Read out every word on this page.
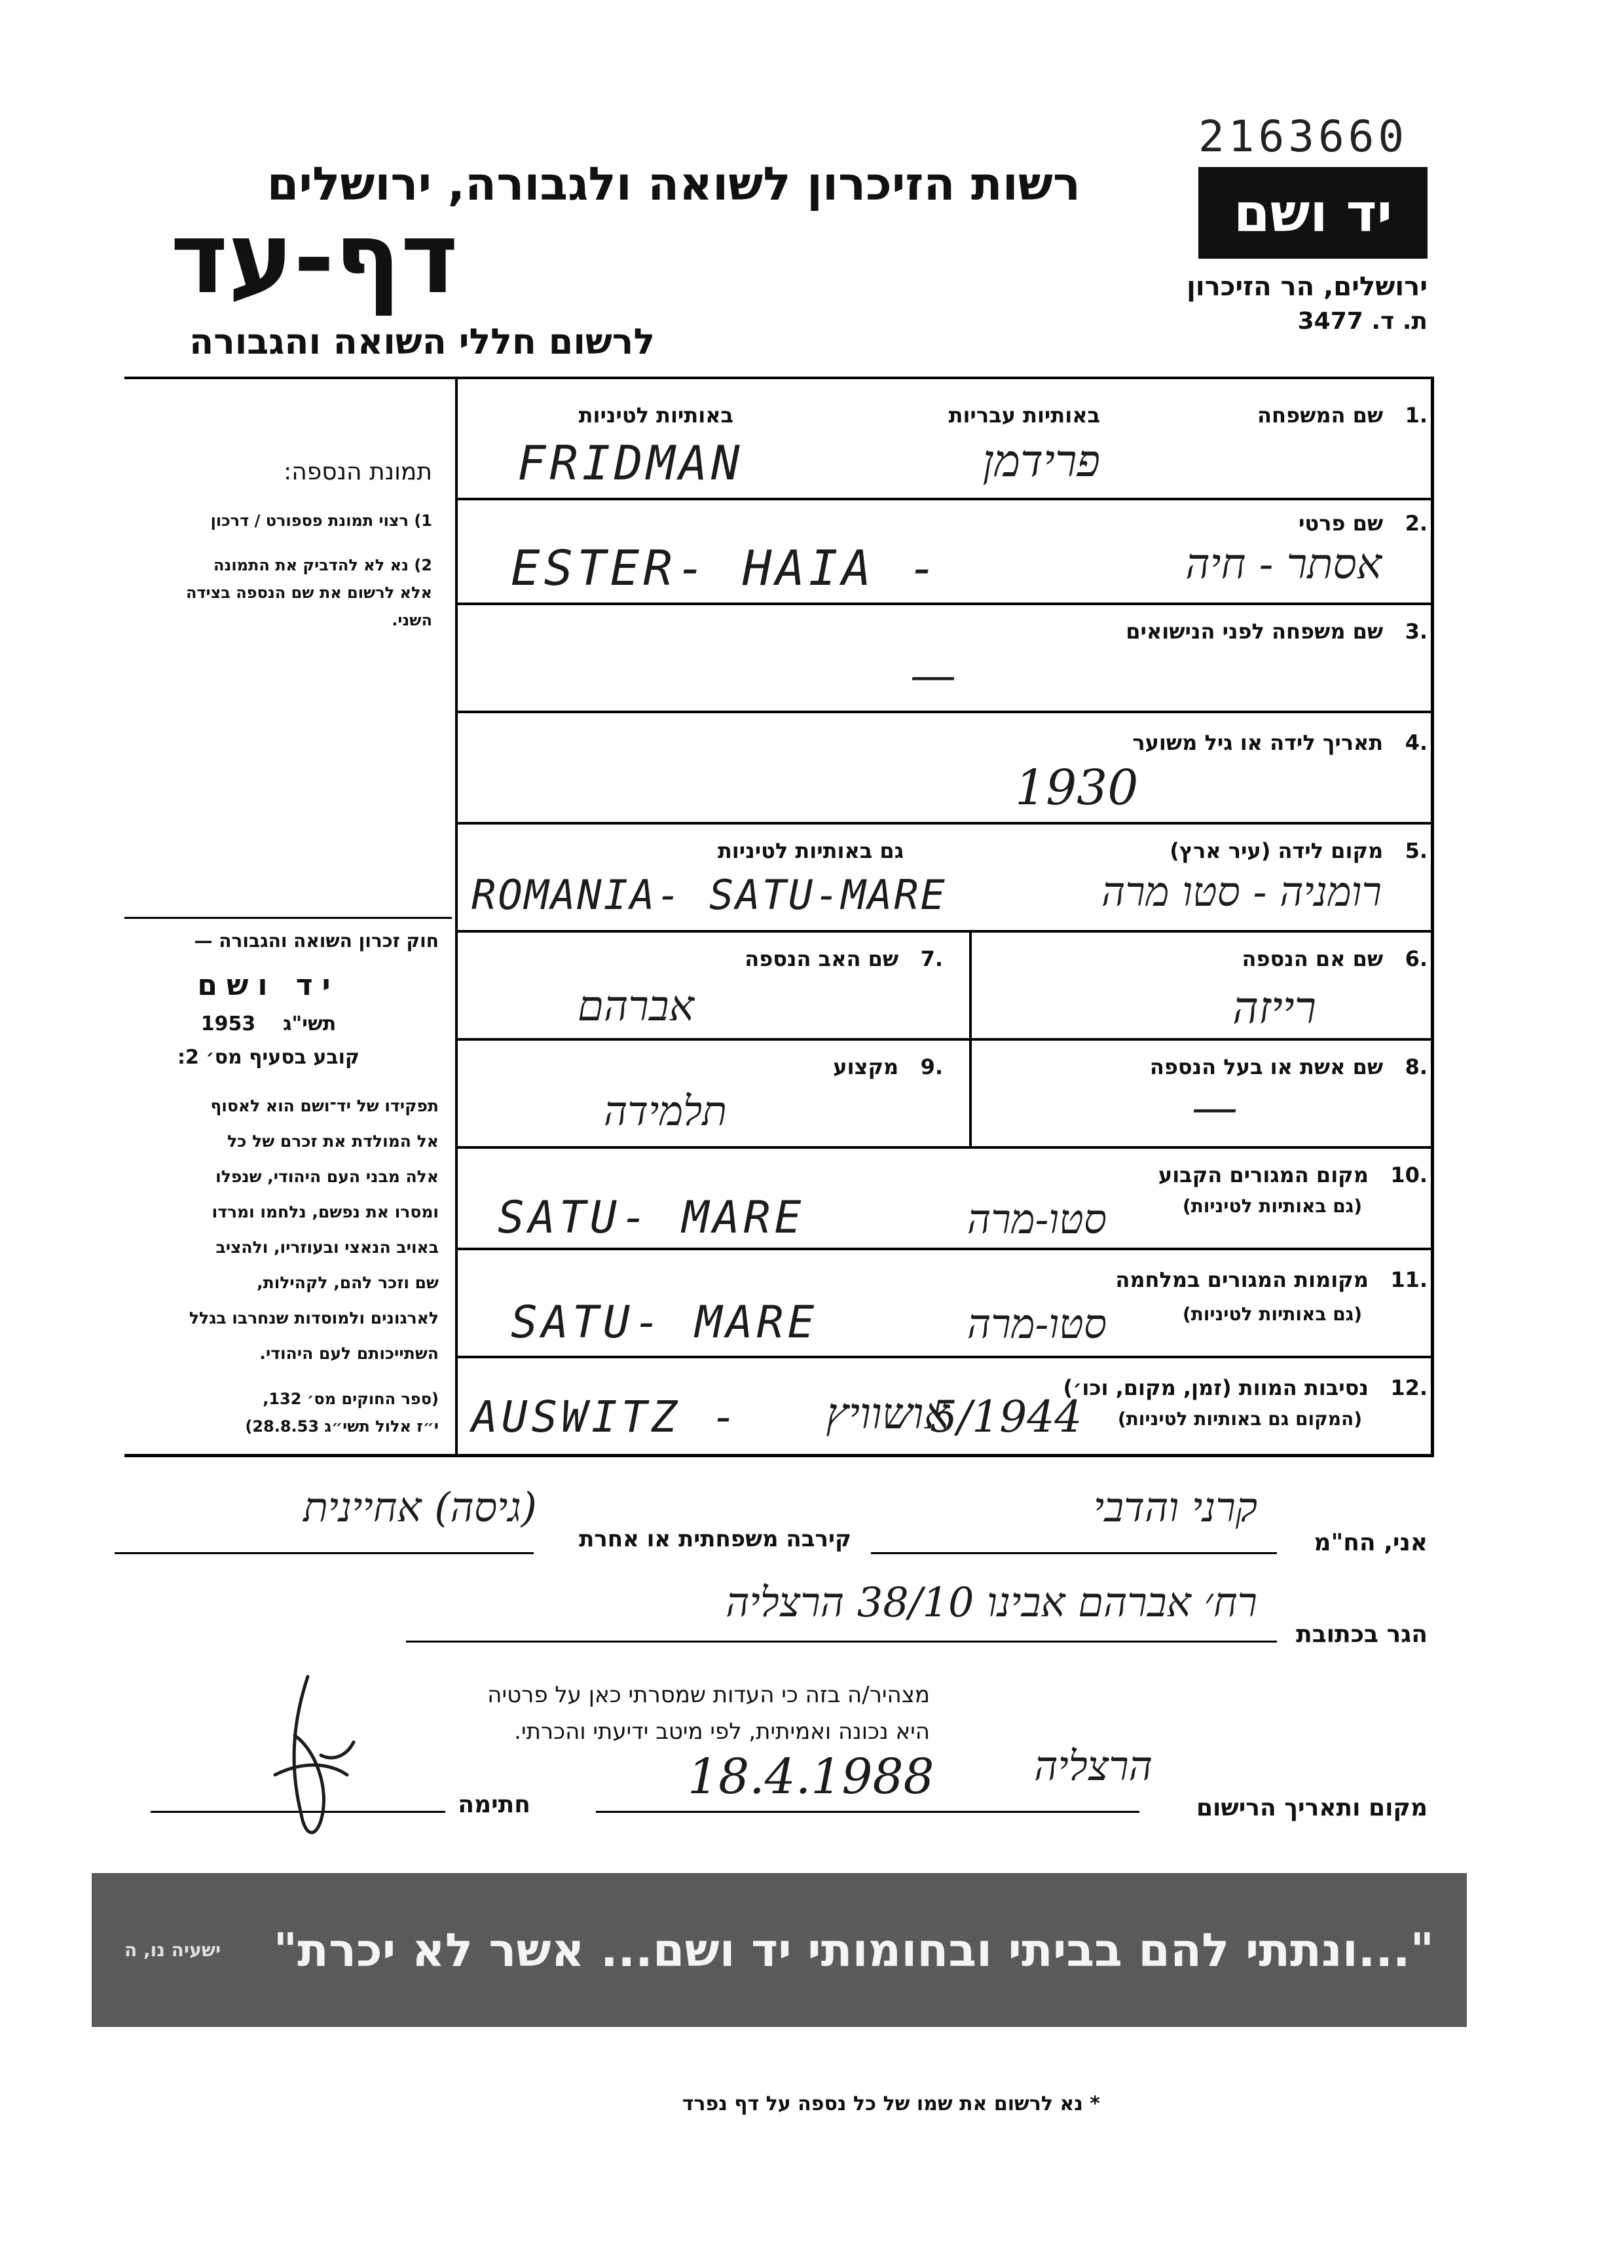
2163660
רשות הזיכרון לשואה ולגבורה, ירושלים
דף-עד
לרשום חללי השואה והגבורה
יד ושם
ירושלים, הר הזיכרון
ת. ד. 3477
תמונת הנספה:
1) רצוי תמונת פספורט / דרכון
2) נא לא להדביק את התמונה
אלא לרשום את שם הנספה בצידה
השני.
חוק זכרון השואה והגבורה —
יד ושם
תשי"ג    1953
קובע בסעיף מס׳ 2:
תפקידו של יד־ושם הוא לאסוף
אל המולדת את זכרם של כל
אלה מבני העם היהודי, שנפלו
ומסרו את נפשם, נלחמו ומרדו
באויב הנאצי ובעוזריו, ולהציב
שם וזכר להם, לקהילות,
לארגונים ולמוסדות שנחרבו בגלל
השתייכותם לעם היהודי.
(ספר החוקים מס׳ 132,
י״ז אלול תשי״ג 28.8.53)
.1   שם המשפחה
באותיות עבריות
באותיות לטיניות
פרידמן
FRIDMAN
.2   שם פרטי
אסתר - חיה
ESTER- HAIA -
.3   שם משפחה לפני הנישואים
—
.4   תאריך לידה או גיל משוער
1930
.5   מקום לידה (עיר ארץ)
גם באותיות לטיניות
רומניה - סטו מרה
ROMANIA- SATU-MARE
.6   שם אם הנספה
רייזה
.7   שם האב הנספה
אברהם
.8   שם אשת או בעל הנספה
—
.9   מקצוע
תלמידה
.10   מקום המגורים הקבוע
(גם באותיות לטיניות)
סטו-מרה
SATU- MARE
.11   מקומות המגורים במלחמה
(גם באותיות לטיניות)
סטו-מרה
SATU- MARE
.12   נסיבות המוות (זמן, מקום, וכו׳)
(המקום גם באותיות לטיניות)
AUSWITZ - אושוויץ
5/1944
אני, הח"מ
קרני והדבי
קירבה משפחתית או אחרת
(גיסה) אחיינית
הגר בכתובת
רח׳ אברהם אבינו 38/10 הרצליה
מצהיר/ה בזה כי העדות שמסרתי כאן על פרטיה
היא נכונה ואמיתית, לפי מיטב ידיעתי והכרתי.
מקום ותאריך הרישום
הרצליה
18.4.1988
חתימה
"...ונתתי להם בביתי ובחומותי יד ושם... אשר לא יכרת"
ישעיה נו, ה
* נא לרשום את שמו של כל נספה על דף נפרד
